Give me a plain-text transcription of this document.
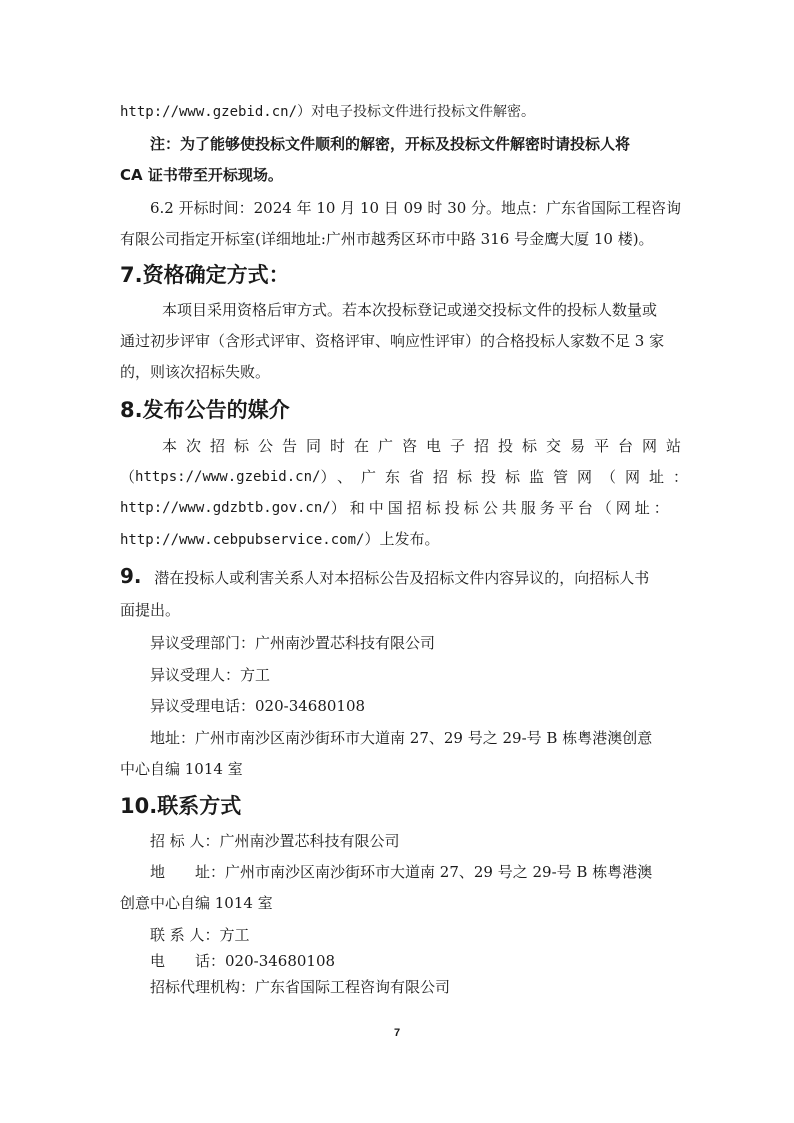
http://www.gzebid.cn/）对电子投标文件进行投标文件解密。
注：为了能够使投标文件顺利的解密，开标及投标文件解密时请投标人将
CA 证书带至开标现场。
6.2 开标时间：2024 年 10 月 10 日 09 时 30 分。地点：广东省国际工程咨询
有限公司指定开标室(详细地址:广州市越秀区环市中路 316 号金鹰大厦 10 楼)。
7.资格确定方式：
本项目采用资格后审方式。若本次投标登记或递交投标文件的投标人数量或
通过初步评审（含形式评审、资格评审、响应性评审）的合格投标人家数不足 3 家
的，则该次招标失败。
8.发布公告的媒介
本次招标公告同时在广咨电子招投标交易平台网站
（ https://www.gzebid.cn/ ）、广东省招标投标监管网（网址：
http://www.gdzbtb.gov.cn/ ）和中国招标投标公共服务平台（网址：
http://www.cebpubservice.com/）上发布。
9. 潜在投标人或利害关系人对本招标公告及招标文件内容异议的，向招标人书
面提出。
异议受理部门：广州南沙置芯科技有限公司
异议受理人：方工
异议受理电话：020-34680108
地址：广州市南沙区南沙街环市大道南 27、29 号之 29-号 B 栋粤港澳创意
中心自编 1014 室
10.联系方式
招 标 人：广州南沙置芯科技有限公司
地　　址：广州市南沙区南沙街环市大道南 27、29 号之 29-号 B 栋粤港澳
创意中心自编 1014 室
联 系 人：方工
电　　话：020-34680108
招标代理机构：广东省国际工程咨询有限公司
7
